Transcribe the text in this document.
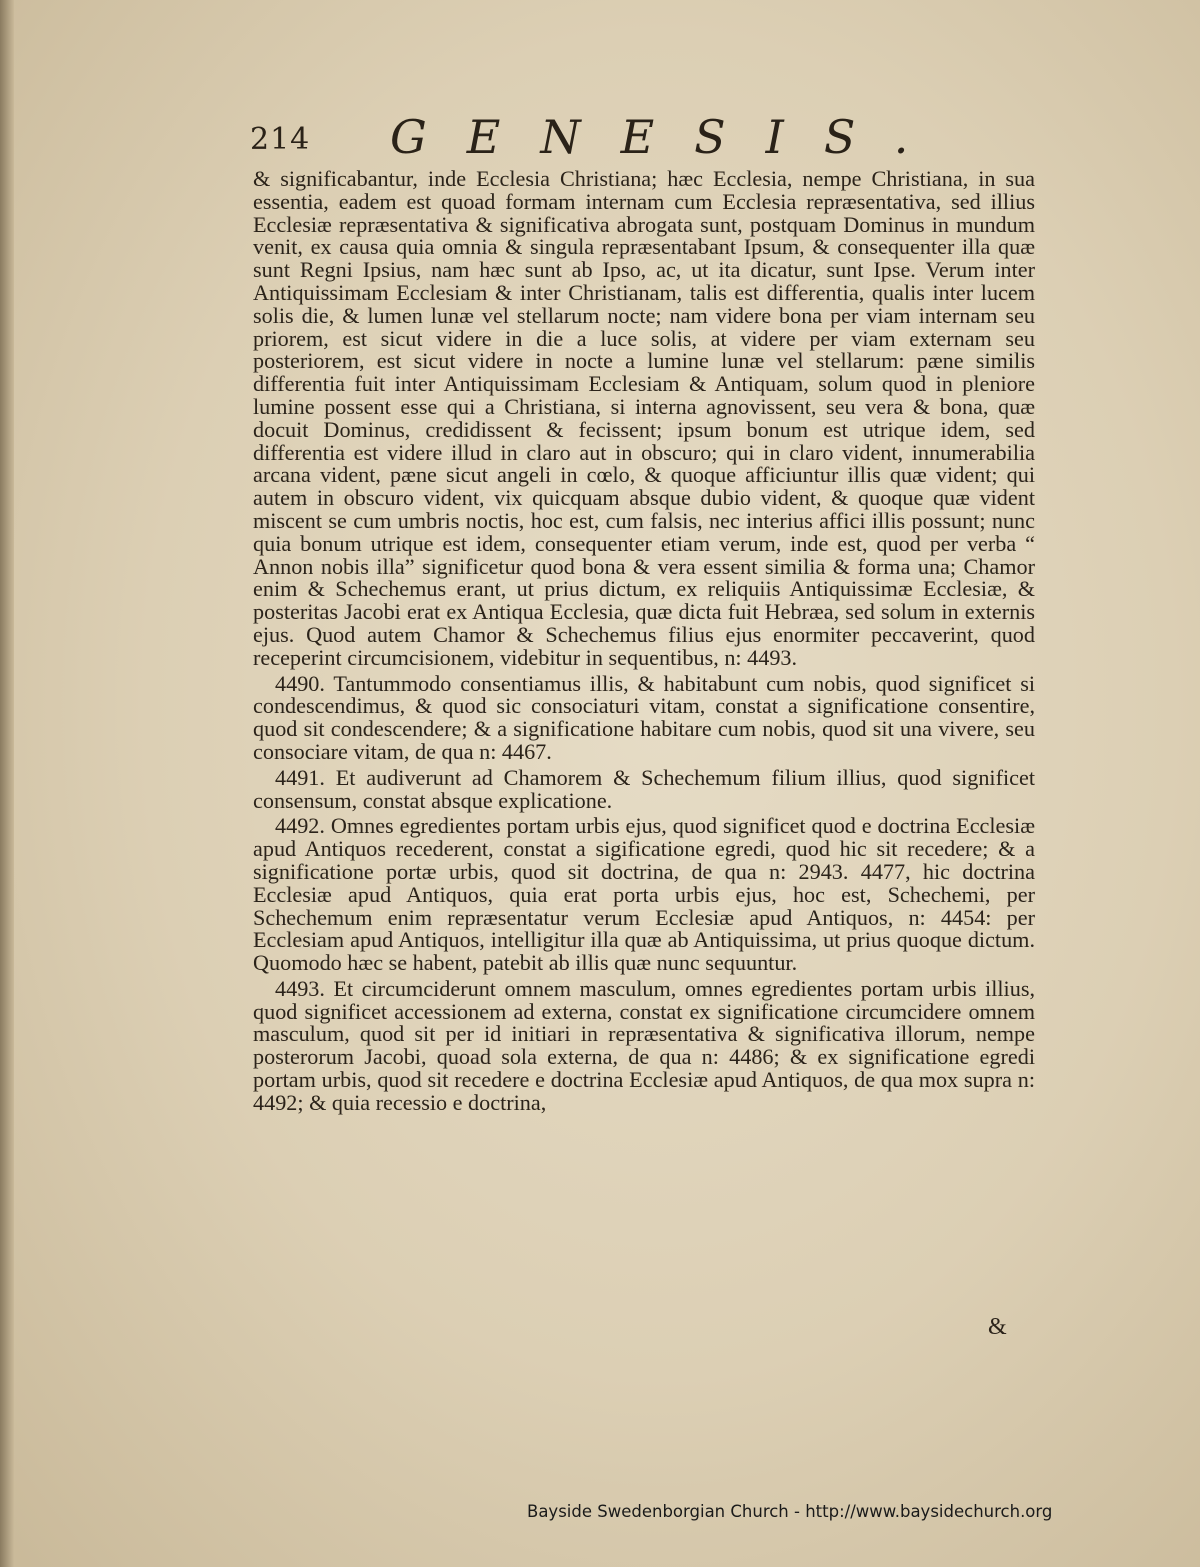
214 GENESIS.

& significabantur, inde Ecclesia Christiana; hæc Ecclesia, nempe Christiana, in sua essentia, eadem est quoad formam internam cum Ecclesia repræsentativa, sed illius Ecclesiæ repræsentativa & significativa abrogata sunt, postquam Dominus in mundum venit, ex causa quia omnia & singula repræsentabant Ipsum, & consequenter illa quæ sunt Regni Ipsius, nam hæc sunt ab Ipso, ac, ut ita dicatur, sunt Ipse. Verum inter Antiquissimam Ecclesiam & inter Christianam, talis est differentia, qualis inter lucem solis die, & lumen lunæ vel stellarum nocte; nam videre bona per viam internam seu priorem, est sicut videre in die a luce solis, at videre per viam externam seu posteriorem, est sicut videre in nocte a lumine lunæ vel stellarum: pæne similis differentia fuit inter Antiquissimam Ecclesiam & Antiquam, solum quod in pleniore lumine possent esse qui a Christiana, si interna agnovissent, seu vera & bona, quæ docuit Dominus, credidissent & fecissent; ipsum bonum est utrique idem, sed differentia est videre illud in claro aut in obscuro; qui in claro vident, innumerabilia arcana vident, pæne sicut angeli in cœlo, & quoque afficiuntur illis quæ vident; qui autem in obscuro vident, vix quicquam absque dubio vident, & quoque quæ vident miscent se cum umbris noctis, hoc est, cum falsis, nec interius affici illis possunt; nunc quia bonum utrique est idem, consequenter etiam verum, inde est, quod per verba “ Annon nobis illa” significetur quod bona & vera essent similia & forma una; Chamor enim & Schechemus erant, ut prius dictum, ex reliquiis Antiquissimæ Ecclesiæ, & posteritas Jacobi erat ex Antiqua Ecclesia, quæ dicta fuit Hebræa, sed solum in externis ejus. Quod autem Chamor & Schechemus filius ejus enormiter peccaverint, quod receperint circumcisionem, videbitur in sequentibus, n: 4493.

4490. Tantummodo consentiamus illis, & habitabunt cum nobis, quod significet si condescendimus, & quod sic consociaturi vitam, constat a significatione consentire, quod sit condescendere; & a significatione habitare cum nobis, quod sit una vivere, seu consociare vitam, de qua n: 4467.

4491. Et audiverunt ad Chamorem & Schechemum filium illius, quod significet consensum, constat absque explicatione.

4492. Omnes egredientes portam urbis ejus, quod significet quod e doctrina Ecclesiæ apud Antiquos recederent, constat a sigificatione egredi, quod hic sit recedere; & a significatione portæ urbis, quod sit doctrina, de qua n: 2943. 4477, hic doctrina Ecclesiæ apud Antiquos, quia erat porta urbis ejus, hoc est, Schechemi, per Schechemum enim repræsentatur verum Ecclesiæ apud Antiquos, n: 4454: per Ecclesiam apud Antiquos, intelligitur illa quæ ab Antiquissima, ut prius quoque dictum. Quomodo hæc se habent, patebit ab illis quæ nunc sequuntur.

4493. Et circumciderunt omnem masculum, omnes egredientes portam urbis illius, quod significet accessionem ad externa, constat ex significatione circumcidere omnem masculum, quod sit per id initiari in repræsentativa & significativa illorum, nempe posterorum Jacobi, quoad sola externa, de qua n: 4486; & ex significatione egredi portam urbis, quod sit recedere e doctrina Ecclesiæ apud Antiquos, de qua mox supra n: 4492; & quia recessio e doctrina,

&
Bayside Swedenborgian Church - http://www.baysidechurch.org
